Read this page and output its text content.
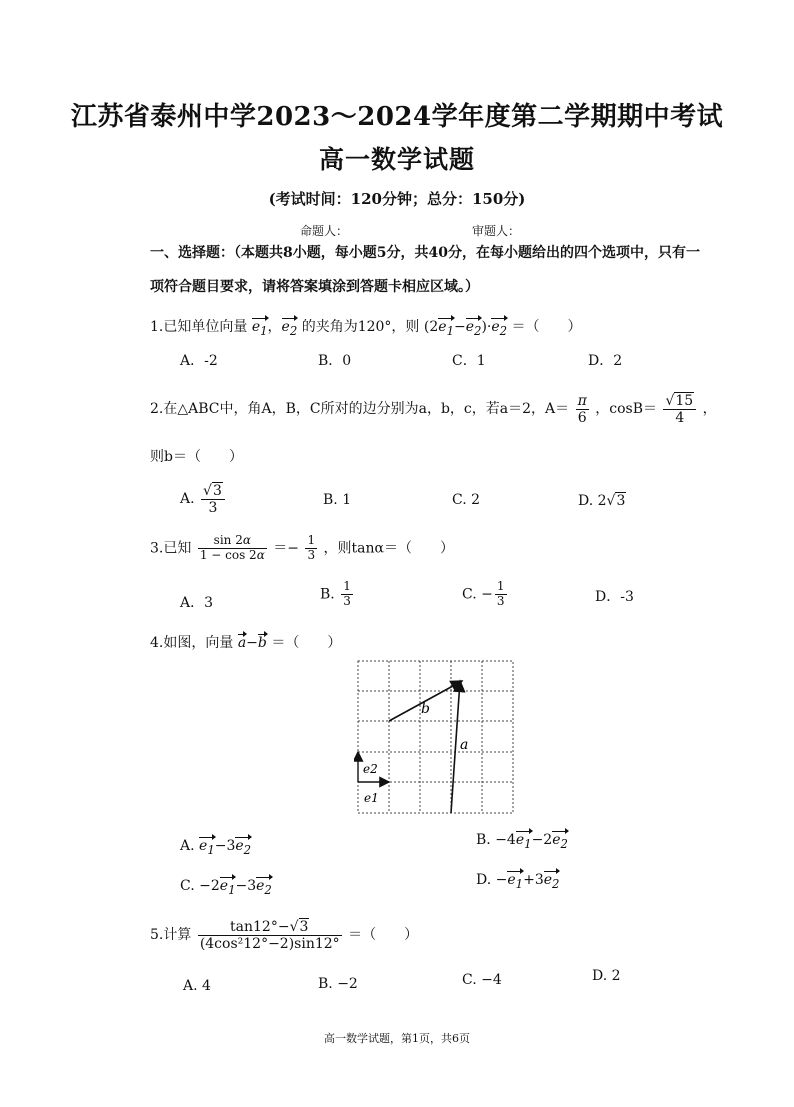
江苏省泰州中学2023～2024学年度第二学期期中考试
高一数学试题
(考试时间：120分钟；总分：150分)
命题人：	审题人：
一、选择题：（本题共8小题，每小题5分，共40分，在每小题给出的四个选项中，只有一
项符合题目要求，请将答案填涂到答题卡相应区域。）
1.已知单位向量 $e_1$，$e_2$ 的夹角为120°，则 $(2e_1-e_2)\cdot e_2$ ＝（　　）
A．-2	B．0	C．1	D．2
2.在△ABC中，角A，B，C所对的边分别为a，b，c，若a＝2，$A= \frac{\pi}{6}$ ，$\cos B= \frac{√15}{4}$ ，
则b＝（　　）
A. $\frac{√3}{3}$	B. 1	C. 2	D. 2√3
3.已知 $\frac{\sin 2\alpha}{1 - \cos 2\alpha} =- \frac{1}{3}$ ，则tanα＝（　　）
A．3
B. $\frac{1}{3}$	C. − $\frac{1}{3}$	D．-3
4.如图，向量 a−b ＝（　　）
a
b
e2
e1
A. $e_1-3e_2$
B. $-4e_1-2e_2$
C. $-2e_1-3e_2$
D. $-e_1+3e_2$
5.计算 $\frac{\tan 12^\circ-√3}{\text{(4cos²12°−2)sin12°}}$ ＝（　　）
A. 4	B. −2	C. −4	D. 2
高一数学试题，第1页，共6页
